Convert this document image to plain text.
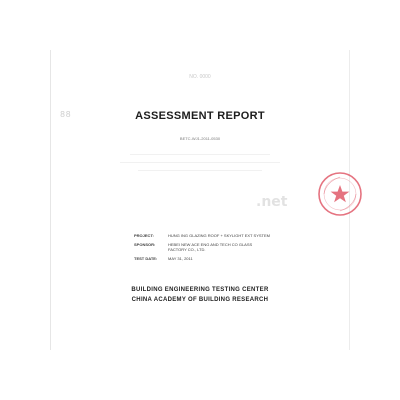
88
NO. 0000
ASSESSMENT REPORT
BETC-WJ1-2011-0530
PROJECT:	HUNG ING GLAZING ROOF + SKYLIGHT EXT SYSTEM
SPONSOR:	HEBEI NEW ACE ENG AND TECH CO GLASS
FACTORY CO., LTD.
TEST DATE:	MAY 31, 2011
.net
BUILDING ENGINEERING TESTING CENTER
CHINA ACADEMY OF BUILDING RESEARCH
